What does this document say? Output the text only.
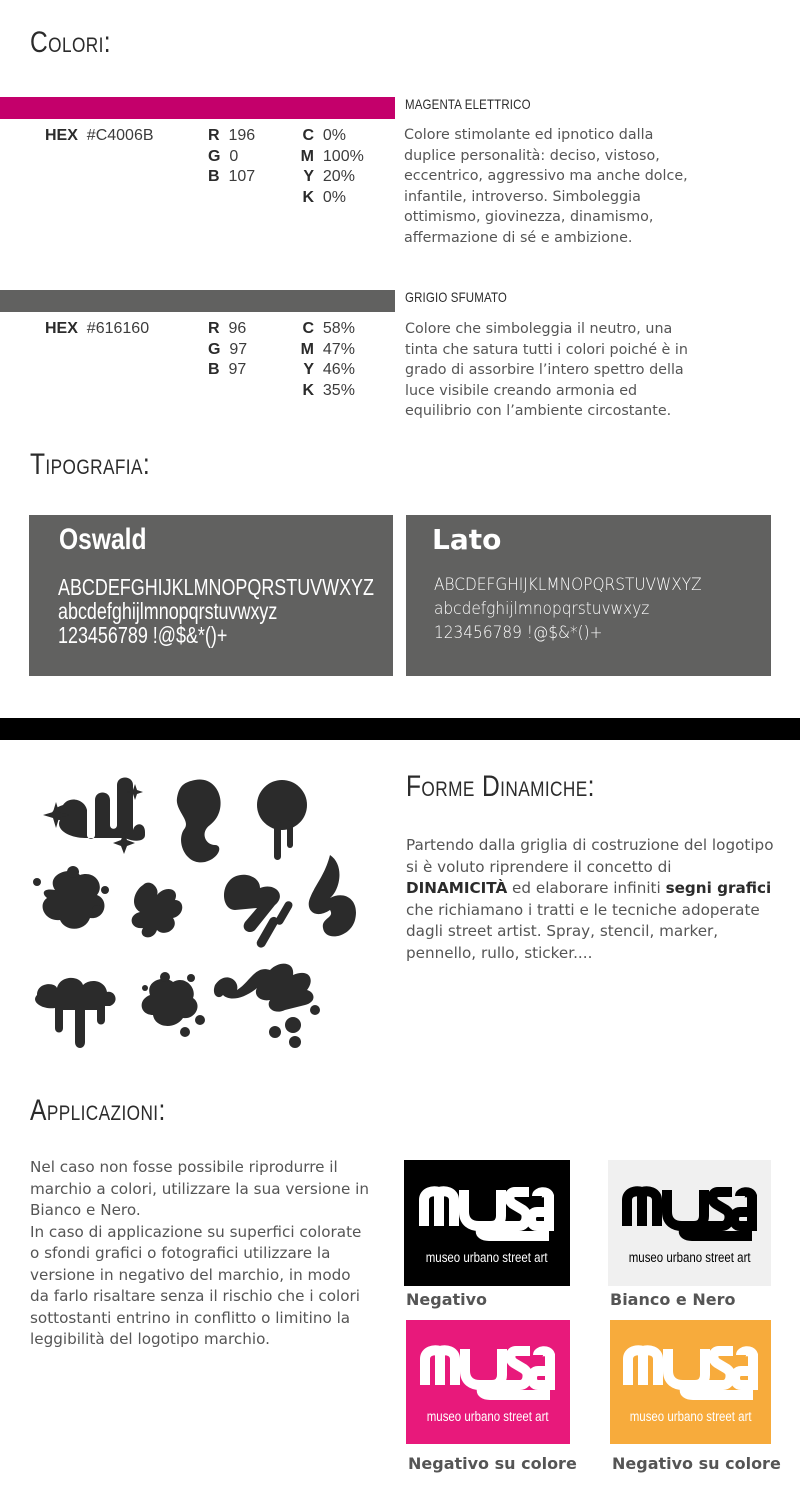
Colori:
MAGENTA ELETTRICO
HEX #C4006B	R 196
G 0
B 107
C 0%
M 100%
Y 20%
K 0%
Colore stimolante ed ipnotico dalla duplice personalità: deciso, vistoso, eccentrico, aggressivo ma anche dolce, infantile, introverso. Simboleggia ottimismo, giovinezza, dinamismo, affermazione di sé e ambizione.
GRIGIO SFUMATO
HEX #616160	R 96
G 97
B 97
C 58%
M 47%
Y 46%
K 35%
Colore che simboleggia il neutro, una tinta che satura tutti i colori poiché è in grado di assorbire l’intero spettro della luce visibile creando armonia ed equilibrio con l’ambiente circostante.
Tipografia:
Oswald
ABCDEFGHIJKLMNOPQRSTUVWXYZ
abcdefghijlmnopqrstuvwxyz
123456789 !@$&*()+
Lato
ABCDEFGHIJKLMNOPQRSTUVWXYZ
abcdefghijlmnopqrstuvwxyz
123456789 !@$&*()+
Forme Dinamiche:
Partendo dalla griglia di costruzione del logotipo si è voluto riprendere il concetto di DINAMICITÀ ed elaborare infiniti segni grafici che richiamano i tratti e le tecniche adoperate dagli street artist. Spray, stencil, marker, pennello, rullo, sticker....
Applicazioni:
Nel caso non fosse possibile riprodurre il marchio a colori, utilizzare la sua versione in Bianco e Nero.
In caso di applicazione su superfici colorate o sfondi grafici o fotografici utilizzare la versione in negativo del marchio, in modo da farlo risaltare senza il rischio che i colori sottostanti entrino in conflitto o limitino la leggibilità del logotipo marchio.
museo urbano street art
Negativo
museo urbano street art
Bianco e Nero
museo urbano street art
Negativo su colore
museo urbano street art
Negativo su colore
